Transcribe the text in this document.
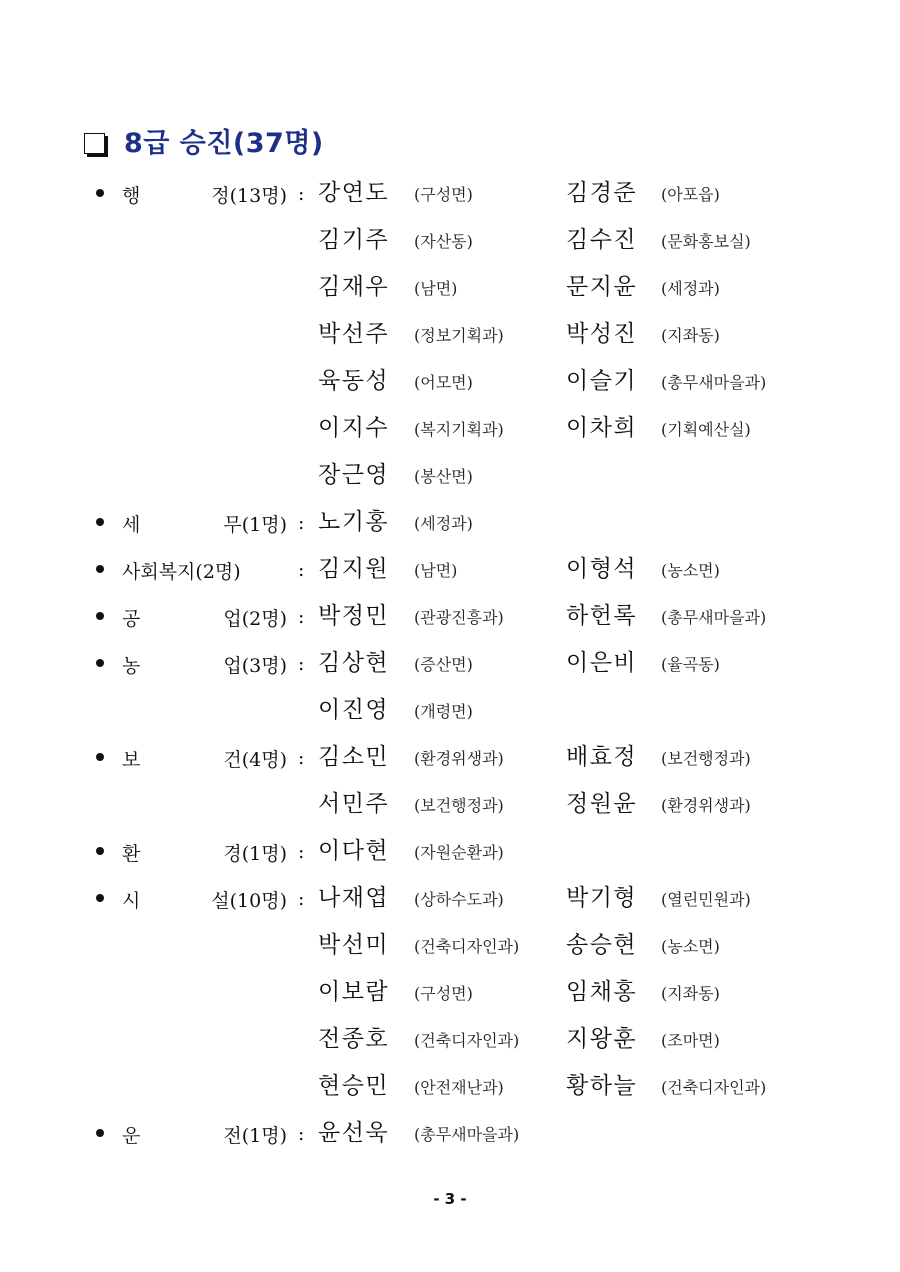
8급 승진(37명)
행	정(13명) : 강연도 (구성면)	김경준 (아포읍)
김기주 (자산동)	김수진 (문화홍보실)
김재우 (남면)	문지윤 (세정과)
박선주 (정보기획과)	박성진 (지좌동)
육동성 (어모면)	이슬기 (총무새마을과)
이지수 (복지기획과)	이차희 (기획예산실)
장근영 (봉산면)
세	무(1명) : 노기홍 (세정과)
사회복지(2명)	: 김지원 (남면)	이형석 (농소면)
공	업(2명) : 박정민 (관광진흥과)	하헌록 (총무새마을과)
농	업(3명) : 김상현 (증산면)	이은비 (율곡동)
이진영 (개령면)
보	건(4명) : 김소민 (환경위생과)	배효정 (보건행정과)
서민주 (보건행정과)	정원윤 (환경위생과)
환	경(1명) : 이다현 (자원순환과)
시	설(10명) : 나재엽 (상하수도과)	박기형 (열린민원과)
박선미 (건축디자인과) 송승현 (농소면)
이보람 (구성면)	임채홍 (지좌동)
전종호 (건축디자인과) 지왕훈 (조마면)
현승민 (안전재난과)	황하늘 (건축디자인과)
운	전(1명) : 윤선욱 (총무새마을과)
- 3 -
